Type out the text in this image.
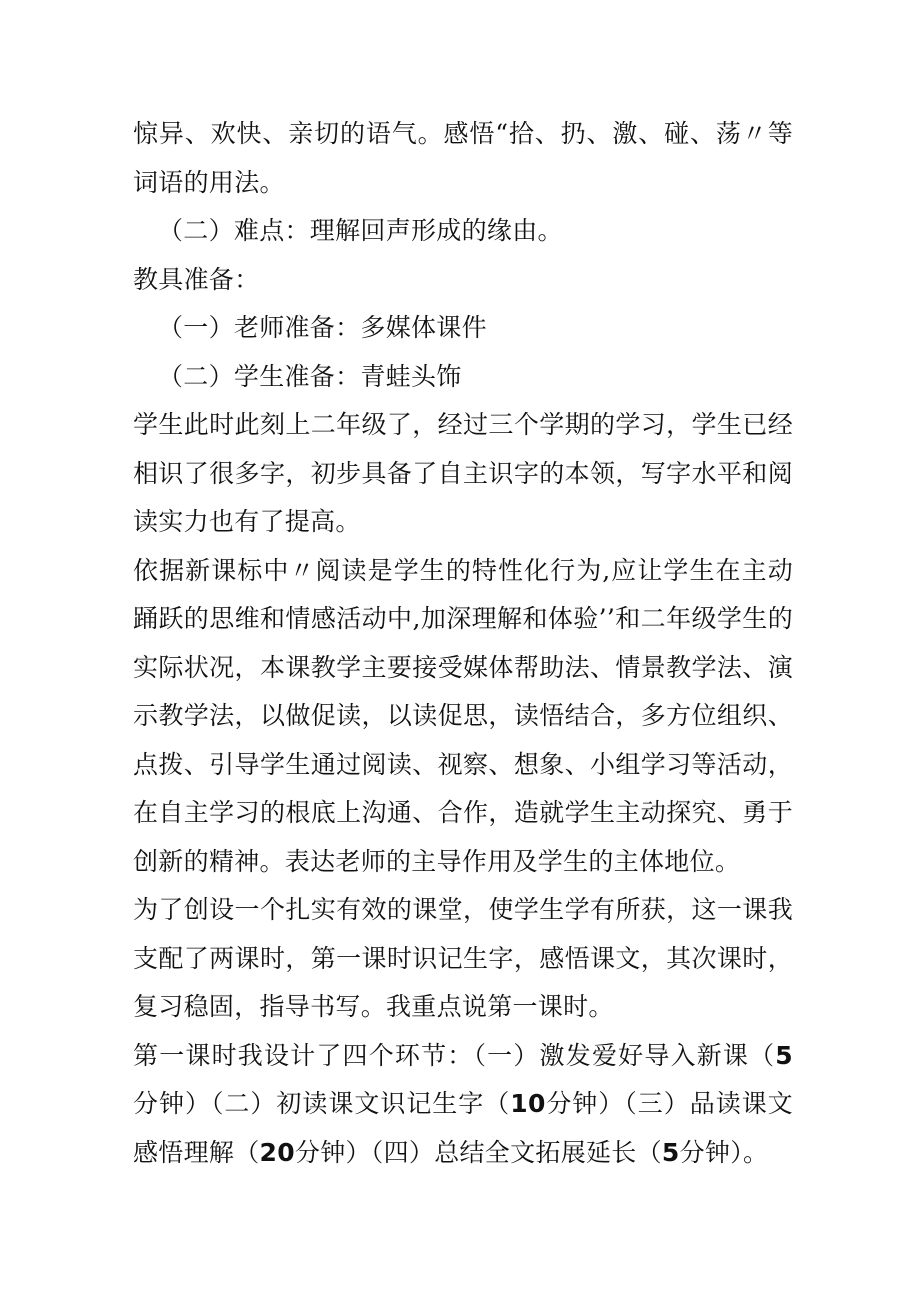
惊异、欢快、亲切的语气。感悟“拾、扔、激、碰、荡〃等词语的用法。

（二）难点：理解回声形成的缘由。

教具准备：

（一）老师准备：多媒体课件

（二）学生准备：青蛙头饰

学生此时此刻上二年级了，经过三个学期的学习，学生已经相识了很多字，初步具备了自主识字的本领，写字水平和阅读实力也有了提高。

依据新课标中〃阅读是学生的特性化行为,应让学生在主动踊跃的思维和情感活动中,加深理解和体验’’和二年级学生的实际状况，本课教学主要接受媒体帮助法、情景教学法、演示教学法，以做促读，以读促思，读悟结合，多方位组织、点拨、引导学生通过阅读、视察、想象、小组学习等活动，在自主学习的根底上沟通、合作，造就学生主动探究、勇于创新的精神。表达老师的主导作用及学生的主体地位。

为了创设一个扎实有效的课堂，使学生学有所获，这一课我支配了两课时，第一课时识记生字，感悟课文，其次课时，复习稳固，指导书写。我重点说第一课时。

第一课时我设计了四个环节：（一）激发爱好导入新课（5分钟）（二）初读课文识记生字（10分钟）（三）品读课文感悟理解（20分钟）（四）总结全文拓展延长（5分钟）。
